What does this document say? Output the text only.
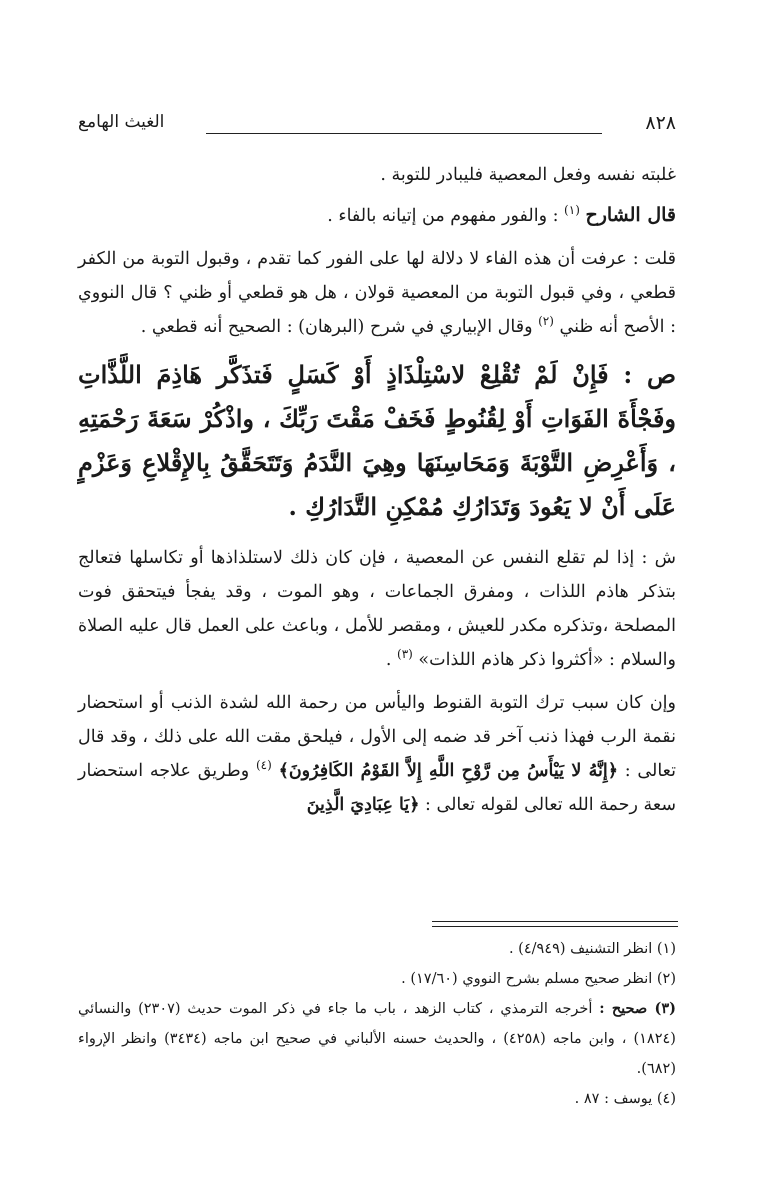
٨٢٨
الغيث الهامع

غلبته نفسه وفعل المعصية فليبادر للتوبة .

قال الشارح $^{(١)}$ : والفور مفهوم من إتيانه بالفاء .

قلت : عرفت أن هذه الفاء لا دلالة لها على الفور كما تقدم ، وقبول التوبة من الكفر قطعي ، وفي قبول التوبة من المعصية قولان ، هل هو قطعي أو ظني ؟ قال النووي : الأصح أنه ظني $^{(٢)}$ وقال الإبياري في شرح (البرهان) : الصحيح أنه قطعي .

ص : فَإِنْ لَمْ تُقْلِعْ لاسْتِلْذَاذٍ أَوْ كَسَلٍ فَتذَكَّر هَاذِمَ اللَّذَّاتِ وفَجْأَةَ الفَوَاتِ أَوْ لِقُنُوطٍ فَخَفْ مَقْتَ رَبِّكَ ، واذْكُرْ سَعَةَ رَحْمَتِهِ ، وَأَعْرِضِ التَّوْبَةَ وَمَحَاسِنَهَا وهِيَ النَّدَمُ وَتَتَحَقَّقُ بِالإِقْلاعِ وَعَزْمٍ عَلَى أَنْ لا يَعُودَ وَتَدَارُكِ مُمْكِنِ التَّدَارُكِ .

ش : إذا لم تقلع النفس عن المعصية ، فإن كان ذلك لاستلذاذها أو تكاسلها فتعالج بتذكر هاذم اللذات ، ومفرق الجماعات ، وهو الموت ، وقد يفجأ فيتحقق فوت المصلحة ،وتذكره مكدر للعيش ، ومقصر للأمل ، وباعث على العمل قال عليه الصلاة والسلام : «أكثروا ذكر هاذم اللذات» $^{(٣)}$ .

وإن كان سبب ترك التوبة القنوط واليأس من رحمة الله لشدة الذنب أو استحضار نقمة الرب فهذا ذنب آخر قد ضمه إلى الأول ، فيلحق مقت الله على ذلك ، وقد قال تعالى : ﴿إِنَّهُ لا يَيْأَسُ مِن رَّوْحِ اللَّهِ إِلاَّ القَوْمُ الكَافِرُونَ﴾ $^{(٤)}$ وطريق علاجه استحضار سعة رحمة الله تعالى لقوله تعالى : ﴿يَا عِبَادِيَ الَّذِينَ

(١) انظر التشنيف (٤/٩٤٩) .

(٢) انظر صحيح مسلم بشرح النووي (١٧/٦٠) .

(٣) صحيح : أخرجه الترمذي ، كتاب الزهد ، باب ما جاء في ذكر الموت حديث (٢٣٠٧) والنسائي (١٨٢٤) ، وابن ماجه (٤٢٥٨) ، والحديث حسنه الألباني في صحيح ابن ماجه (٣٤٣٤) وانظر الإرواء (٦٨٢).

(٤) يوسف : ٨٧ .
